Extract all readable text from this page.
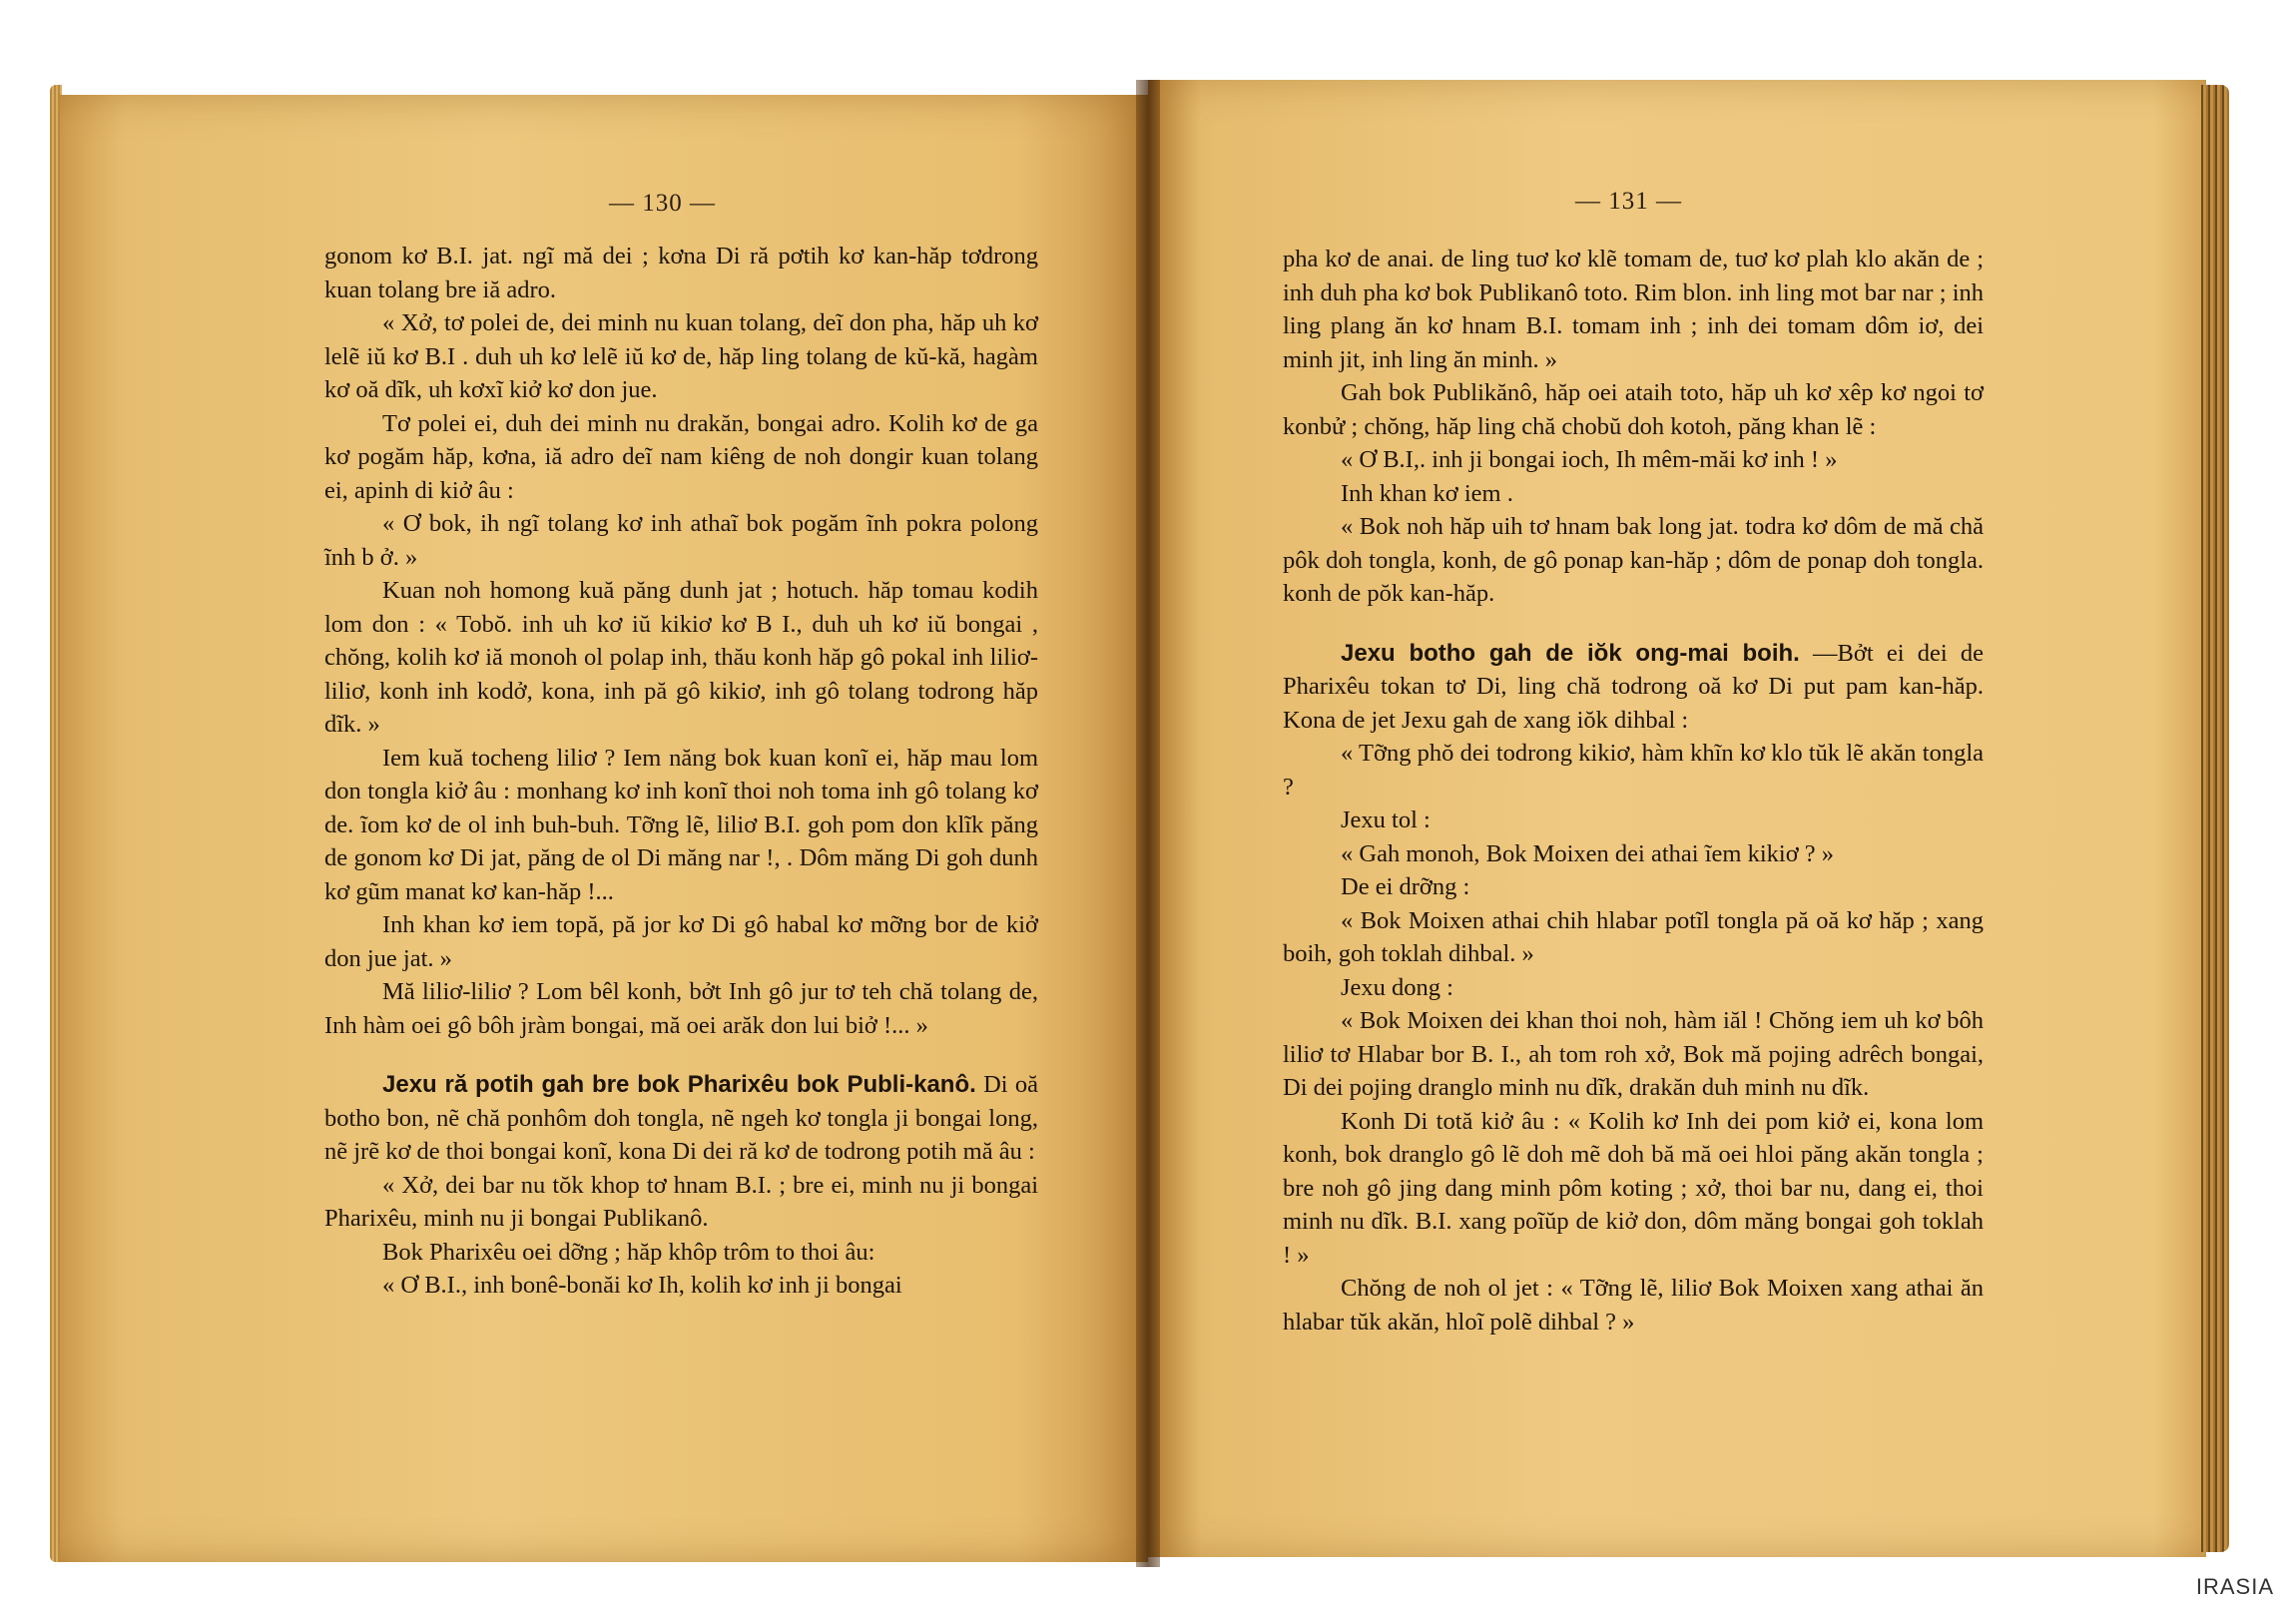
— 130 —

gonom kơ B.I. jat. ngĩ mă dei ; kơna Di ră pơtih kơ kan-hăp tơdrong kuan tolang bre iă adro.

« Xở, tơ polei de, dei minh nu kuan tolang, deĩ don pha, hăp uh kơ lelẽ iŭ kơ B.I . duh uh kơ lelẽ iŭ kơ de, hăp ling tolang de kŭ-kă, hagàm kơ oă dĩk, uh kơxĩ kiở kơ don jue.

Tơ polei ei, duh dei minh nu drakăn, bongai adro. Kolih kơ de ga kơ pogăm hăp, kơna, iă adro deĩ nam kiêng de noh dongir kuan tolang ei, apinh di kiở âu :

« Ơ bok, ih ngĩ tolang kơ inh athaĩ bok pogăm ĩnh pokra polong ĩnh b ở. »

Kuan noh homong kuă păng dunh jat ; hotuch. hăp tomau kodih lom don : « Tobŏ. inh uh kơ iŭ kikiơ kơ B I., duh uh kơ iŭ bongai , chŏng, kolih kơ iă monoh ol polap inh, thău konh hăp gô pokal inh liliơ-liliơ, konh inh kodở, kona, inh pă gô kikiơ, inh gô tolang todrong hăp dĩk. »

Iem kuă tocheng liliơ ? Iem năng bok kuan konĩ ei, hăp mau lom don tongla kiở âu : monhang kơ inh konĩ thoi noh toma inh gô tolang kơ de. ĩom kơ de ol inh buh-buh. Tỡng lẽ, liliơ B.I. goh pom don klĩk păng de gonom kơ Di jat, păng de ol Di măng nar !, . Dôm măng Di goh dunh kơ gũm manat kơ kan-hăp !...

Inh khan kơ iem topă, pă jor kơ Di gô habal kơ mỡng bor de kiở don jue jat. »

Mă liliơ-liliơ ? Lom bêl konh, bởt Inh gô jur tơ teh chă tolang de, Inh hàm oei gô bôh jràm bongai, mă oei arăk don lui biở !... »

Jexu ră potih gah bre bok Pharixêu bok Publi-kanô. Di oă botho bon, nẽ chă ponhôm doh tongla, nẽ ngeh kơ tongla ji bongai long, nẽ jrẽ kơ de thoi bongai konĩ, kona Di dei ră kơ de todrong potih mă âu :

« Xở, dei bar nu tŏk khop tơ hnam B.I. ; bre ei, minh nu ji bongai Pharixêu, minh nu ji bongai Publikanô.

Bok Pharixêu oei dỡng ; hăp khôp trôm to thoi âu:

« Ơ B.I., inh bonê-bonăi kơ Ih, kolih kơ inh ji bongai

— 131 —

pha kơ de anai. de ling tuơ kơ klẽ tomam de, tuơ kơ plah klo akăn de ; inh duh pha kơ bok Publikanô toto. Rim blon. inh ling mot bar nar ; inh ling plang ăn kơ hnam B.I. tomam inh ; inh dei tomam dôm iơ, dei minh jit, inh ling ăn minh. »

Gah bok Publikănô, hăp oei ataih toto, hăp uh kơ xêp kơ ngoi tơ konbử ; chŏng, hăp ling chă chobŭ doh kotoh, păng khan lẽ :

« Ơ B.I,. inh ji bongai ioch, Ih mêm-măi kơ inh ! »

Inh khan kơ iem .

« Bok noh hăp uih tơ hnam bak long jat. todra kơ dôm de mă chă pôk doh tongla, konh, de gô ponap kan-hăp ; dôm de ponap doh tongla. konh de pŏk kan-hăp.

Jexu botho gah de iŏk ong-mai boih. —Bởt ei dei de Pharixêu tokan tơ Di, ling chă todrong oă kơ Di put pam kan-hăp. Kona de jet Jexu gah de xang iŏk dihbal :

« Tỡng phŏ dei todrong kikiơ, hàm khĩn kơ klo tŭk lẽ akăn tongla ?

Jexu tol :

« Gah monoh, Bok Moixen dei athai ĩem kikiơ ? »

De ei drỡng :

« Bok Moixen athai chih hlabar potĩl tongla pă oă kơ hăp ; xang boih, goh toklah dihbal. »

Jexu dong :

« Bok Moixen dei khan thoi noh, hàm iăl ! Chŏng iem uh kơ bôh liliơ tơ Hlabar bor B. I., ah tom roh xở, Bok mă pojing adrêch bongai, Di dei pojing dranglo minh nu dĩk, drakăn duh minh nu dĩk.

Konh Di totă kiở âu : « Kolih kơ Inh dei pom kiở ei, kona lom konh, bok dranglo gô lẽ doh mẽ doh bă mă oei hloi păng akăn tongla ; bre noh gô jing dang minh pôm koting ; xở, thoi bar nu, dang ei, thoi minh nu dĩk. B.I. xang poĩŭp de kiở don, dôm măng bongai goh toklah ! »

Chŏng de noh ol jet : « Tỡng lẽ, liliơ Bok Moixen xang athai ăn hlabar tŭk akăn, hloĩ polẽ dihbal ? »

IRASIA
